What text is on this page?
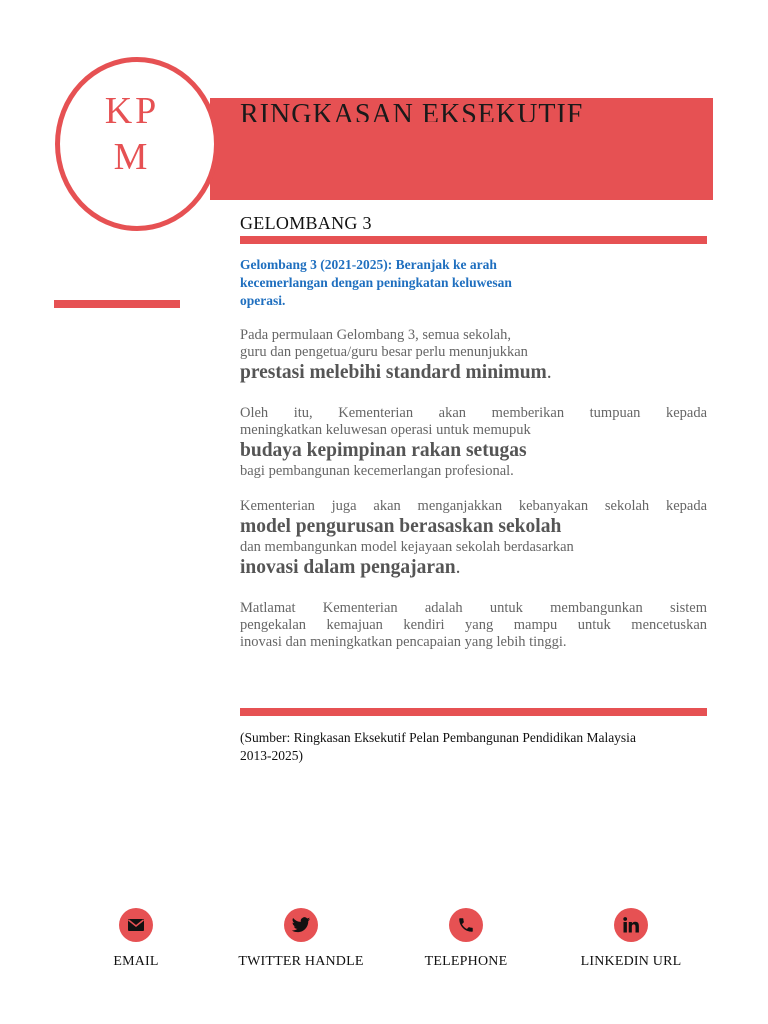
KP
M
RINGKASAN EKSEKUTIF
GELOMBANG 3
Gelombang 3 (2021-2025): Beranjak ke arah
kecemerlangan dengan peningkatan keluwesan
operasi.
Pada permulaan Gelombang 3, semua sekolah,
guru dan pengetua/guru besar perlu menunjukkan
prestasi melebihi standard minimum.
Oleh itu, Kementerian akan memberikan tumpuan kepada
meningkatkan keluwesan operasi untuk memupuk
budaya kepimpinan rakan setugas
bagi pembangunan kecemerlangan profesional.
Kementerian juga akan menganjakkan kebanyakan sekolah kepada
model pengurusan berasaskan sekolah
dan membangunkan model kejayaan sekolah berdasarkan
inovasi dalam pengajaran.
Matlamat Kementerian adalah untuk membangunkan sistem
pengekalan kemajuan kendiri yang mampu untuk mencetuskan
inovasi dan meningkatkan pencapaian yang lebih tinggi.
(Sumber: Ringkasan Eksekutif Pelan Pembangunan Pendidikan Malaysia
2013-2025)
EMAIL	TWITTER HANDLE	TELEPHONE	LINKEDIN URL
